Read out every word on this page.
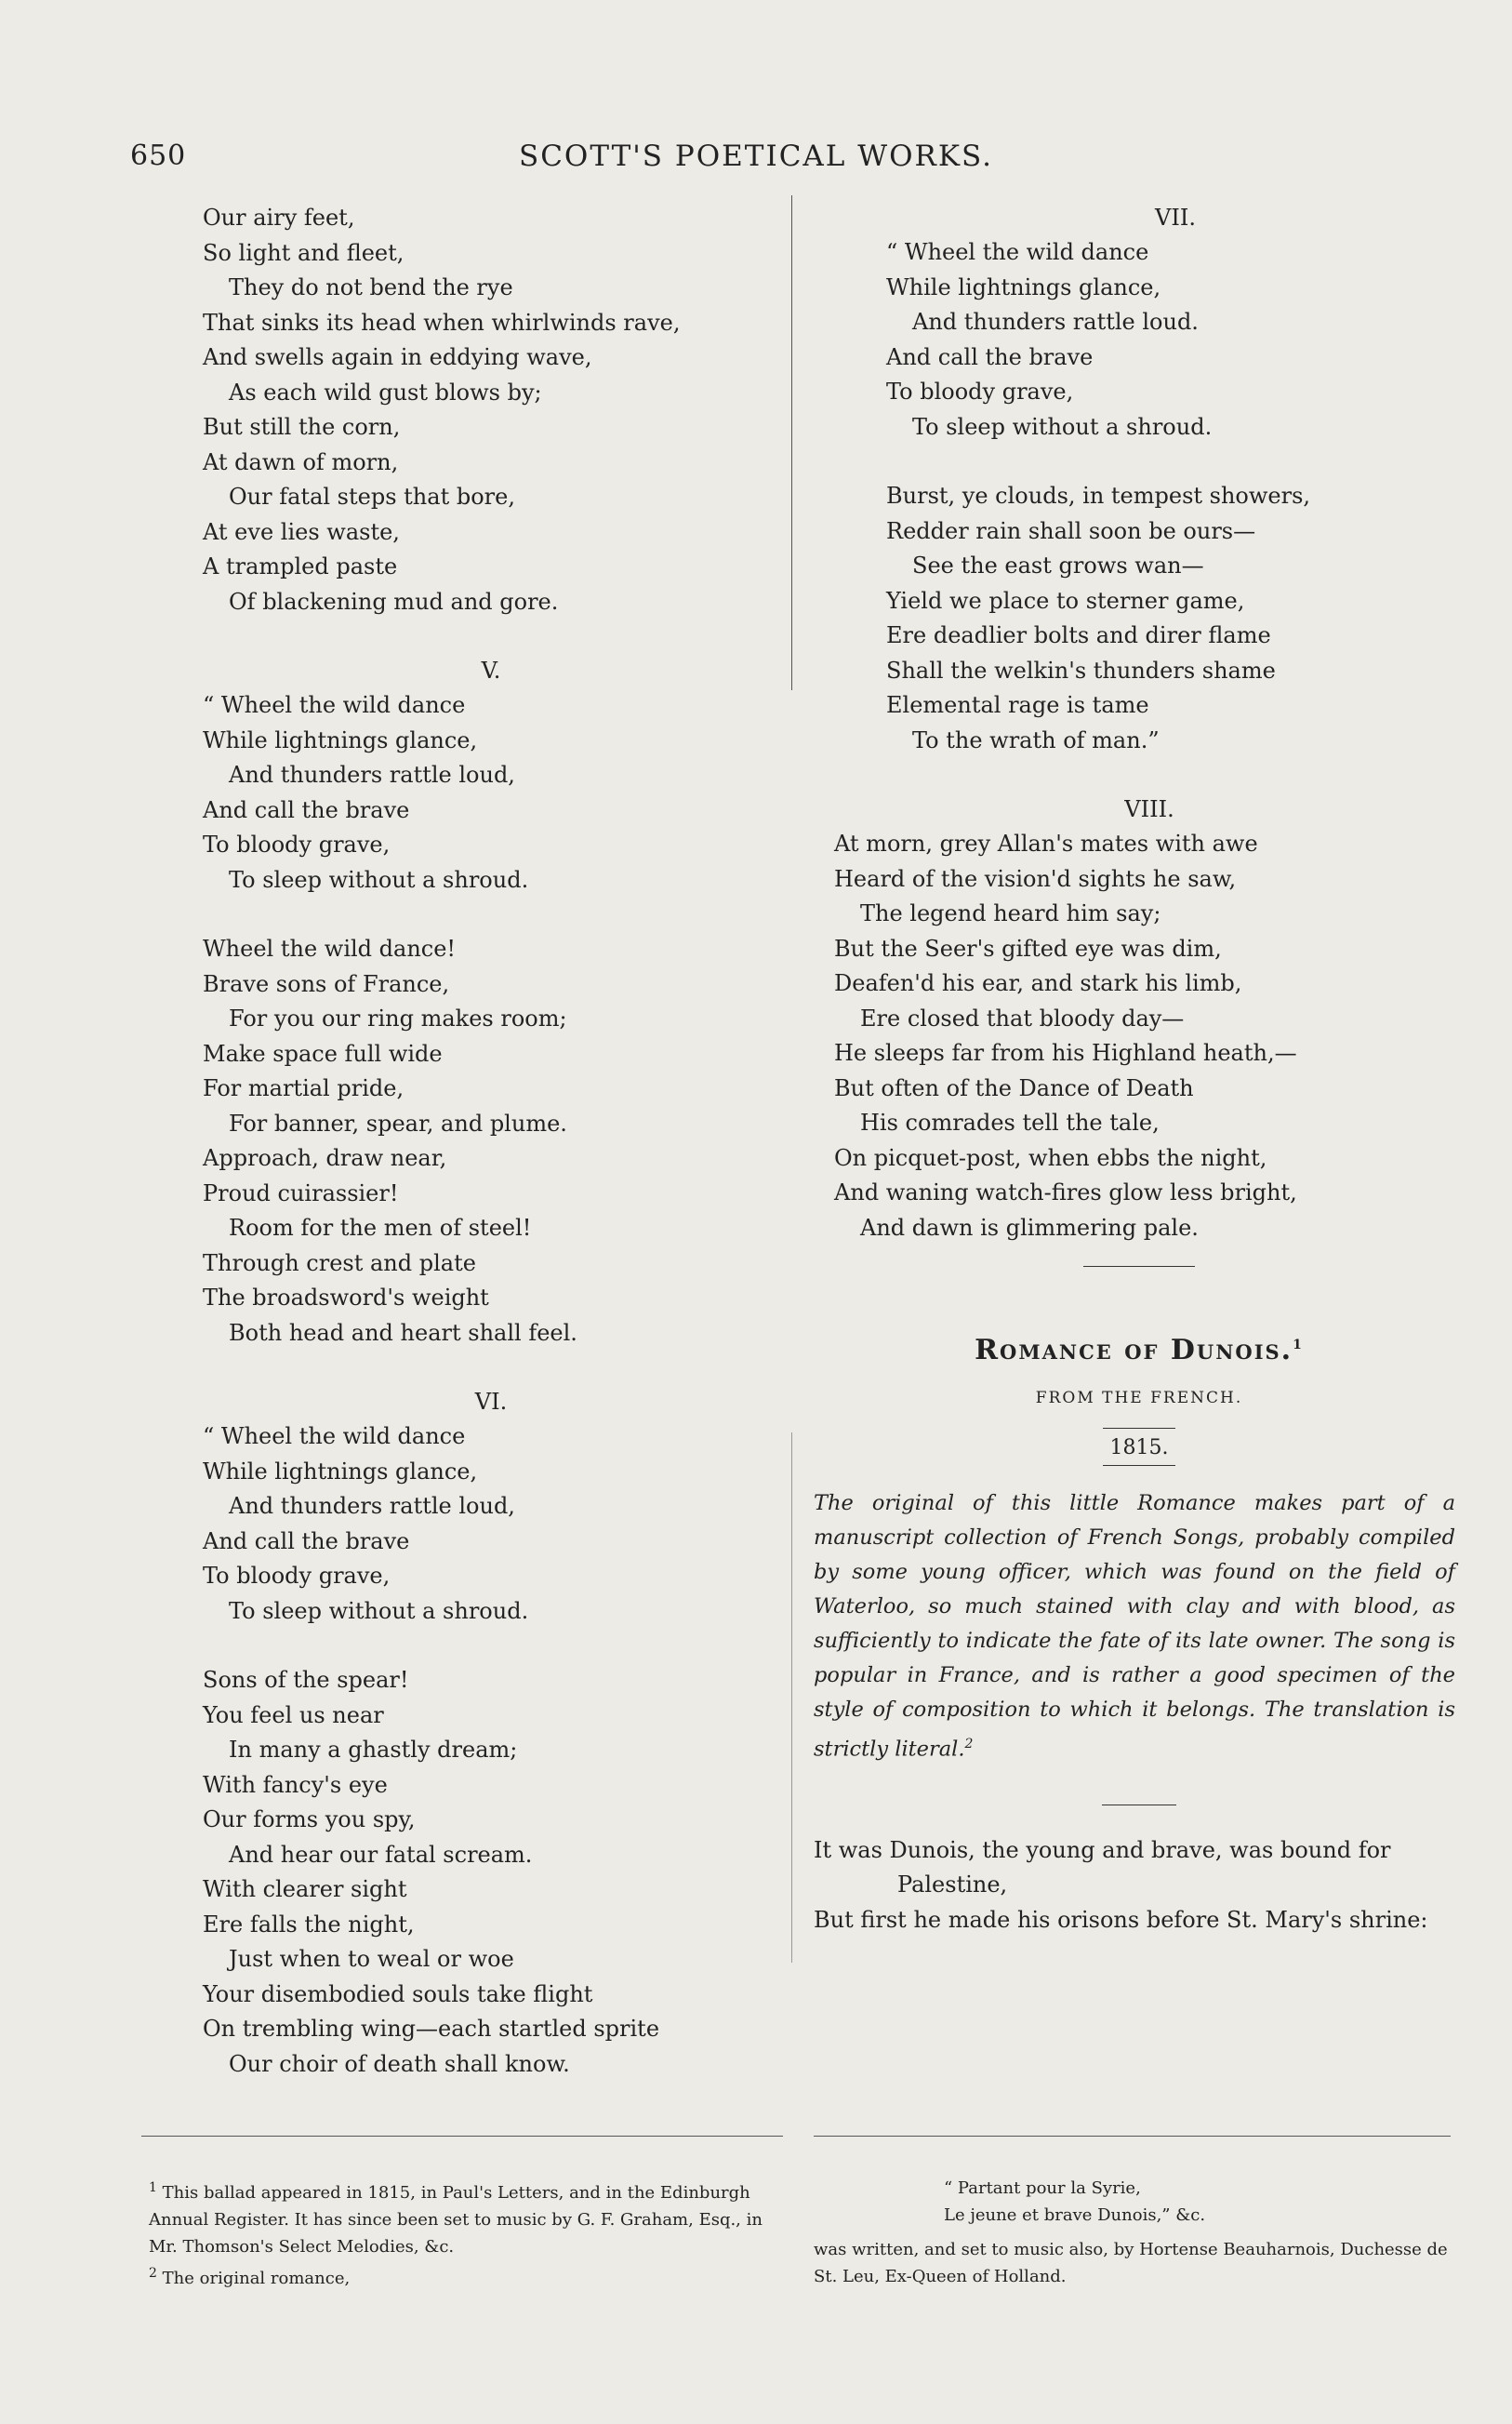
650	SCOTT'S POETICAL WORKS.
Our airy feet,
So light and fleet,
They do not bend the rye
That sinks its head when whirlwinds rave,
And swells again in eddying wave,
As each wild gust blows by;
But still the corn,
At dawn of morn,
Our fatal steps that bore,
At eve lies waste,
A trampled paste
Of blackening mud and gore.
V.
“ Wheel the wild dance
While lightnings glance,
And thunders rattle loud,
And call the brave
To bloody grave,
To sleep without a shroud.
Wheel the wild dance!
Brave sons of France,
For you our ring makes room;
Make space full wide
For martial pride,
For banner, spear, and plume.
Approach, draw near,
Proud cuirassier!
Room for the men of steel!
Through crest and plate
The broadsword's weight
Both head and heart shall feel.
VI.
“ Wheel the wild dance
While lightnings glance,
And thunders rattle loud,
And call the brave
To bloody grave,
To sleep without a shroud.
Sons of the spear!
You feel us near
In many a ghastly dream;
With fancy's eye
Our forms you spy,
And hear our fatal scream.
With clearer sight
Ere falls the night,
Just when to weal or woe
Your disembodied souls take flight
On trembling wing—each startled sprite
Our choir of death shall know.
VII.
“ Wheel the wild dance
While lightnings glance,
And thunders rattle loud.
And call the brave
To bloody grave,
To sleep without a shroud.
Burst, ye clouds, in tempest showers,
Redder rain shall soon be ours—
See the east grows wan—
Yield we place to sterner game,
Ere deadlier bolts and direr flame
Shall the welkin's thunders shame
Elemental rage is tame
To the wrath of man.”
VIII.
At morn, grey Allan's mates with awe
Heard of the vision'd sights he saw,
The legend heard him say;
But the Seer's gifted eye was dim,
Deafen'd his ear, and stark his limb,
Ere closed that bloody day—
He sleeps far from his Highland heath,—
But often of the Dance of Death
His comrades tell the tale,
On picquet-post, when ebbs the night,
And waning watch-fires glow less bright,
And dawn is glimmering pale.
Romance of Dunois.$^1$
FROM THE FRENCH.
1815.
The original of this little Romance makes part of a manuscript collection of French Songs, probably compiled by some young officer, which was found on the field of Waterloo, so much stained with clay and with blood, as sufficiently to indicate the fate of its late owner. The song is popular in France, and is rather a good specimen of the style of composition to which it belongs. The translation is strictly literal.$^2$
It was Dunois, the young and brave, was bound for
Palestine,
But first he made his orisons before St. Mary's shrine:
$^1$ This ballad appeared in 1815, in Paul's Letters, and in the Edinburgh Annual Register. It has since been set to music by G. F. Graham, Esq., in Mr. Thomson's Select Melodies, &c.
$^2$ The original romance,
“ Partant pour la Syrie,
Le jeune et brave Dunois,” &c.
was written, and set to music also, by Hortense Beauharnois, Duchesse de St. Leu, Ex-Queen of Holland.
